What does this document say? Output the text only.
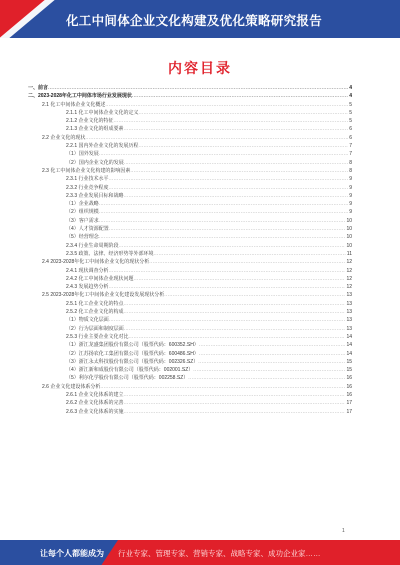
化工中间体企业文化构建及优化策略研究报告
内容目录
一、前言 .....	4
二、2023-2028年化工中间体市场行业发展现状 .....	4
2.1 化工中间体企业文化概述 .....	5
2.1.1 化工中间体企业文化的定义 .....	5
2.1.2 企业文化的特征 .....	5
2.1.3 企业文化的组成要素 .....	6
2.2 企业文化的现状 .....	6
2.2.1 国内外企业文化的发展历程 .....	7
（1）国外发展 .....	7
（2）国内企业文化的发展 .....	8
2.3 化工中间体企业文化构建的影响因素 .....	8
2.3.1 行业技术水平 .....	9
2.3.2 行业竞争程度 .....	9
2.3.3 企业发展目标和战略 .....	9
（1）企业战略 .....	9
（2）组织规模 .....	9
（3）客户需求 .....	10
（4）人才资源配置 .....	10
（5）经营理念 .....	10
2.3.4 行业生命周期阶段 .....	10
2.3.5 政策、法律、经济形势等外部环境 .....	11
2.4 2023-2028年化工中间体企业文化的现状分析 .....	12
2.4.1 现状调查分析 .....	12
2.4.2 化工中间体企业现状问题 .....	12
2.4.3 发展趋势分析 .....	12
2.5 2023-2028年化工中间体企业文化建设发展现状分析 .....	13
2.5.1 化工企业文化的特点 .....	13
2.5.2 化工企业文化的构成 .....	13
（1）物质文化层面 .....	13
（2）行为层面和制度层面 .....	13
2.5.3 行业主要企业文化对比 .....	14
（1）浙江龙盛集团股份有限公司（股票代码：600352.SH） .....	14
（2）江苏扬农化工集团有限公司（股票代码：600486.SH） .....	14
（3）浙江永太科技股份有限公司（股票代码：002326.SZ） .....	15
（4）浙江新和成股份有限公司（股票代码：002001.SZ） .....	15
（5）利尔化学股份有限公司（股票代码：002258.SZ） .....	16
2.6 企业文化建设体系分析 .....	16
2.6.1 企业文化体系的建立 .....	16
2.6.2 企业文化体系的完善 .....	17
2.6.3 企业文化体系的实施 .....	17
1
让每个人都能成为 行业专家、管理专家、营销专家、战略专家、成功企业家……
